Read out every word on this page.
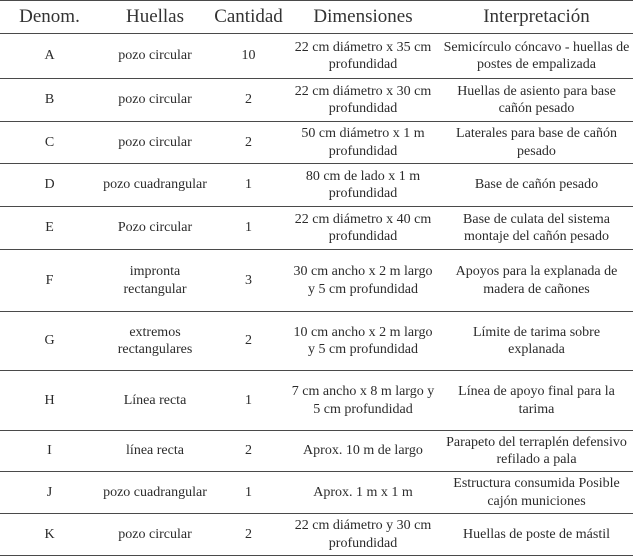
Denom.	Huellas	Cantidad	Dimensiones	Interpretación
A	pozo circular	10	22 cm diámetro x 35 cm profundidad	Semicírculo cóncavo - huellas de postes de empalizada
B	pozo circular	2	22 cm diámetro x 30 cm profundidad	Huellas de asiento para base cañón pesado
C	pozo circular	2	50 cm diámetro x 1 m profundidad	Laterales para base de cañón pesado
D	pozo cuadrangular	1	80 cm de lado x 1 m profundidad	Base de cañón pesado
E	Pozo circular	1	22 cm diámetro x 40 cm profundidad	Base de culata del sistema montaje del cañón pesado
F	impronta rectangular	3	30 cm ancho x 2 m largo y 5 cm profundidad	Apoyos para la explanada de madera de cañones
G	extremos rectangulares	2	10 cm ancho x 2 m largo y 5 cm profundidad	Límite de tarima sobre explanada
H	Línea recta	1	7 cm ancho x 8 m largo y 5 cm profundidad	Línea de apoyo final para la tarima
I	línea recta	2	Aprox. 10 m de largo	Parapeto del terraplén defensivo refilado a pala
J	pozo cuadrangular	1	Aprox. 1 m x 1 m	Estructura consumida Posible cajón municiones
K	pozo circular	2	22 cm diámetro y 30 cm profundidad	Huellas de poste de mástil
